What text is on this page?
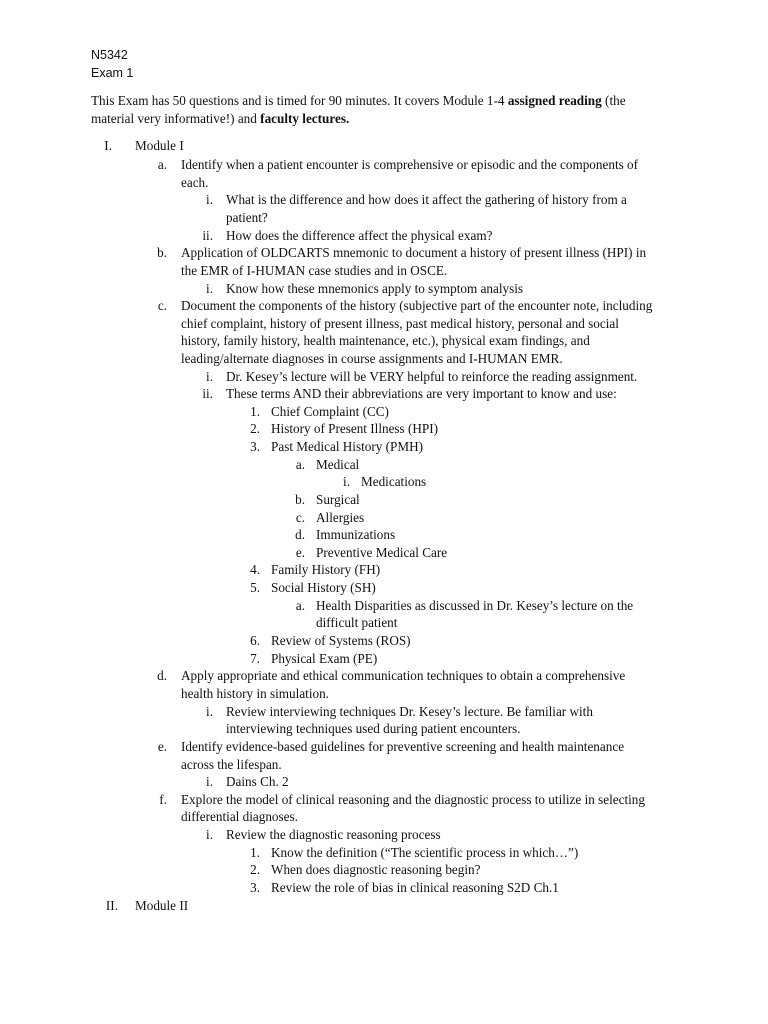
N5342
Exam 1
This Exam has 50 questions and is timed for 90 minutes. It covers Module 1-4 assigned reading (the
material very informative!) and faculty lectures.
I. Module I
a. Identify when a patient encounter is comprehensive or episodic and the components of
each.
i. What is the difference and how does it affect the gathering of history from a
patient?
ii. How does the difference affect the physical exam?
b. Application of OLDCARTS mnemonic to document a history of present illness (HPI) in
the EMR of I-HUMAN case studies and in OSCE.
i. Know how these mnemonics apply to symptom analysis
c. Document the components of the history (subjective part of the encounter note, including
chief complaint, history of present illness, past medical history, personal and social
history, family history, health maintenance, etc.), physical exam findings, and
leading/alternate diagnoses in course assignments and I-HUMAN EMR.
i. Dr. Kesey’s lecture will be VERY helpful to reinforce the reading assignment.
ii. These terms AND their abbreviations are very important to know and use:
1. Chief Complaint (CC)
2. History of Present Illness (HPI)
3. Past Medical History (PMH)
a. Medical
i. Medications
b. Surgical
c. Allergies
d. Immunizations
e. Preventive Medical Care
4. Family History (FH)
5. Social History (SH)
a. Health Disparities as discussed in Dr. Kesey’s lecture on the
difficult patient
6. Review of Systems (ROS)
7. Physical Exam (PE)
d. Apply appropriate and ethical communication techniques to obtain a comprehensive
health history in simulation.
i. Review interviewing techniques Dr. Kesey’s lecture. Be familiar with
interviewing techniques used during patient encounters.
e. Identify evidence-based guidelines for preventive screening and health maintenance
across the lifespan.
i. Dains Ch. 2
f. Explore the model of clinical reasoning and the diagnostic process to utilize in selecting
differential diagnoses.
i. Review the diagnostic reasoning process
1. Know the definition (“The scientific process in which…”)
2. When does diagnostic reasoning begin?
3. Review the role of bias in clinical reasoning S2D Ch.1
II. Module II
